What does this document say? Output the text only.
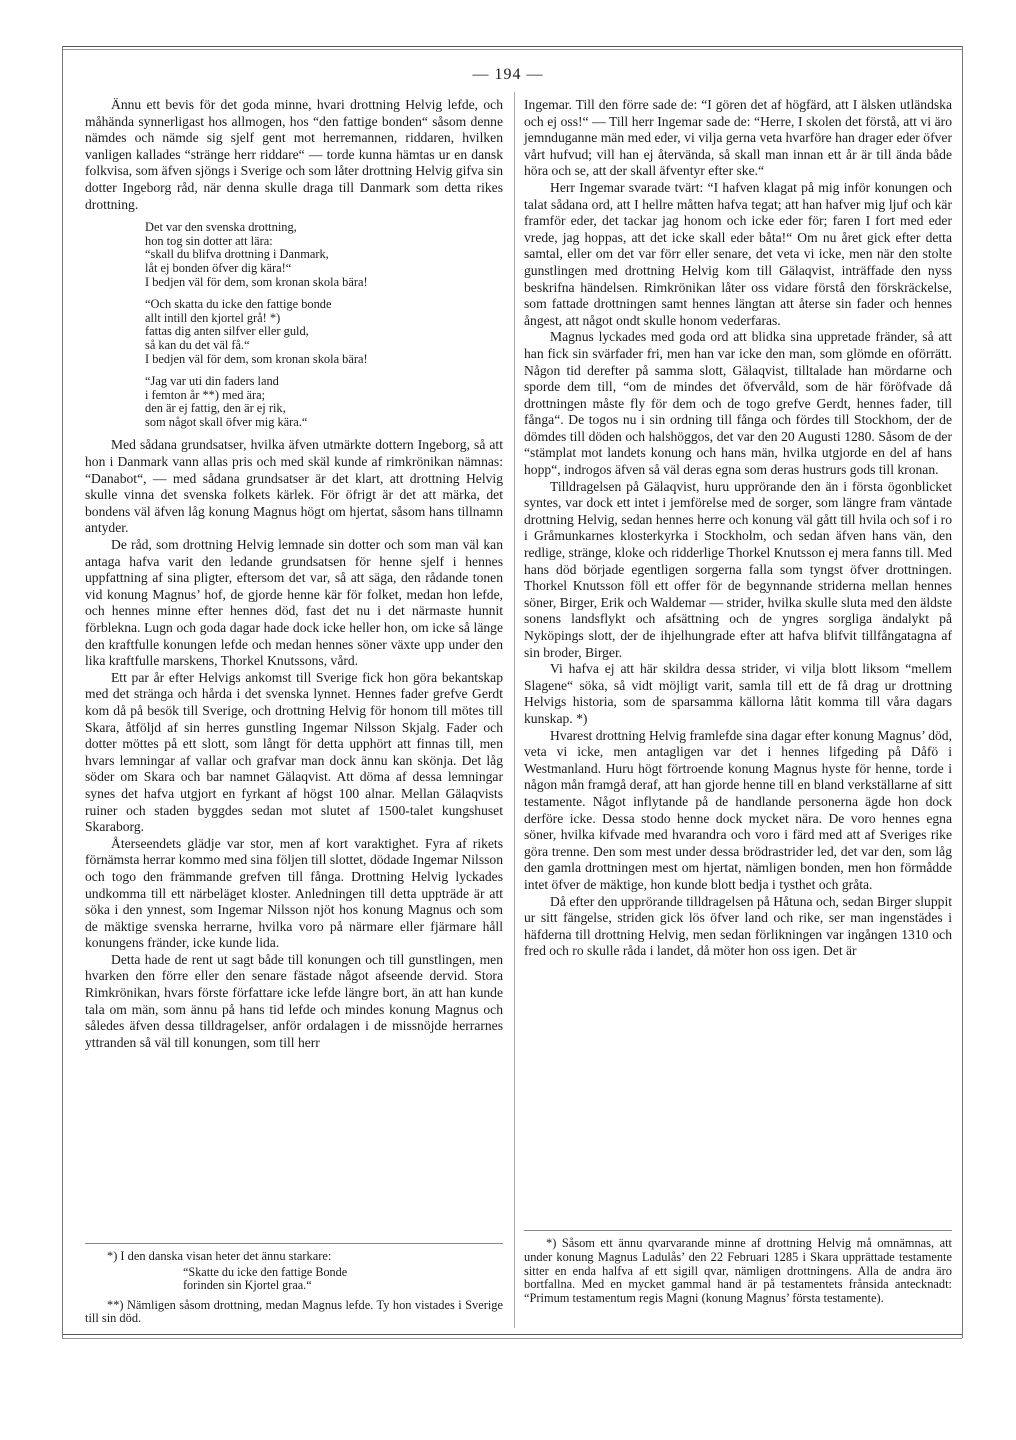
— 194 —

Ännu ett bevis för det goda minne, hvari drottning Helvig lefde, och måhända synnerligast hos allmogen, hos “den fattige bonden“ såsom denne nämdes och nämde sig sjelf gent mot herremannen, riddaren, hvilken vanligen kallades “stränge herr riddare“ — torde kunna hämtas ur en dansk folkvisa, som äfven sjöngs i Sverige och som låter drottning Helvig gifva sin dotter Ingeborg råd, när denna skulle draga till Danmark som detta rikes drottning.

Det var den svenska drottning,
hon tog sin dotter att lära:
“skall du blifva drottning i Danmark,
låt ej bonden öfver dig kära!“
I bedjen väl för dem, som kronan skola bära!
“Och skatta du icke den fattige bonde
allt intill den kjortel grå! *)
fattas dig anten silfver eller guld,
så kan du det väl få.“
I bedjen väl för dem, som kronan skola bära!
“Jag var uti din faders land
i femton år **) med ära;
den är ej fattig, den är ej rik,
som något skall öfver mig kära.“

Med sådana grundsatser, hvilka äfven utmärkte dottern Ingeborg, så att hon i Danmark vann allas pris och med skäl kunde af rimkrönikan nämnas: “Danabot“, — med sådana grundsatser är det klart, att drottning Helvig skulle vinna det svenska folkets kärlek. För öfrigt är det att märka, det bondens väl äfven låg konung Magnus högt om hjertat, såsom hans tillnamn antyder.

De råd, som drottning Helvig lemnade sin dotter och som man väl kan antaga hafva varit den ledande grundsatsen för henne sjelf i hennes uppfattning af sina pligter, eftersom det var, så att säga, den rådande tonen vid konung Magnus’ hof, de gjorde henne kär för folket, medan hon lefde, och hennes minne efter hennes död, fast det nu i det närmaste hunnit förblekna. Lugn och goda dagar hade dock icke heller hon, om icke så länge den kraftfulle konungen lefde och medan hennes söner växte upp under den lika kraftfulle marskens, Thorkel Knutssons, vård.

Ett par år efter Helvigs ankomst till Sverige fick hon göra bekantskap med det stränga och hårda i det svenska lynnet. Hennes fader grefve Gerdt kom då på besök till Sverige, och drottning Helvig för honom till mötes till Skara, åtföljd af sin herres gunstling Ingemar Nilsson Skjalg. Fader och dotter möttes på ett slott, som långt för detta upphört att finnas till, men hvars lemningar af vallar och grafvar man dock ännu kan skönja. Det låg söder om Skara och bar namnet Gälaqvist. Att döma af dessa lemningar synes det hafva utgjort en fyrkant af högst 100 alnar. Mellan Gälaqvists ruiner och staden byggdes sedan mot slutet af 1500-talet kungshuset Skaraborg.

Återseendets glädje var stor, men af kort varaktighet. Fyra af rikets förnämsta herrar kommo med sina följen till slottet, dödade Ingemar Nilsson och togo den främmande grefven till fånga. Drottning Helvig lyckades undkomma till ett närbeläget kloster. Anledningen till detta uppträde är att söka i den ynnest, som Ingemar Nilsson njöt hos konung Magnus och som de mäktige svenska herrarne, hvilka voro på närmare eller fjärmare håll konungens fränder, icke kunde lida.

Detta hade de rent ut sagt både till konungen och till gunstlingen, men hvarken den förre eller den senare fästade något afseende dervid. Stora Rimkrönikan, hvars förste författare icke lefde längre bort, än att han kunde tala om män, som ännu på hans tid lefde och mindes konung Magnus och således äfven dessa tilldragelser, anför ordalagen i de missnöjde herrarnes yttranden så väl till konungen, som till herr

Ingemar. Till den förre sade de: “I gören det af högfärd, att I älsken utländska och ej oss!“ — Till herr Ingemar sade de: “Herre, I skolen det förstå, att vi äro jemnduganne män med eder, vi vilja gerna veta hvarföre han drager eder öfver vårt hufvud; vill han ej återvända, så skall man innan ett år är till ända både höra och se, att der skall äfventyr efter ske.“

Herr Ingemar svarade tvärt: “I hafven klagat på mig inför konungen och talat sådana ord, att I hellre måtten hafva tegat; att han hafver mig ljuf och kär framför eder, det tackar jag honom och icke eder för; faren I fort med eder vrede, jag hoppas, att det icke skall eder båta!“ Om nu året gick efter detta samtal, eller om det var förr eller senare, det veta vi icke, men när den stolte gunstlingen med drottning Helvig kom till Gälaqvist, inträffade den nyss beskrifna händelsen. Rimkrönikan låter oss vidare förstå den förskräckelse, som fattade drottningen samt hennes längtan att återse sin fader och hennes ångest, att något ondt skulle honom vederfaras.

Magnus lyckades med goda ord att blidka sina uppretade fränder, så att han fick sin svärfader fri, men han var icke den man, som glömde en oförrätt. Någon tid derefter på samma slott, Gälaqvist, tilltalade han mördarne och sporde dem till, “om de mindes det öfvervåld, som de här föröfvade då drottningen måste fly för dem och de togo grefve Gerdt, hennes fader, till fånga“. De togos nu i sin ordning till fånga och fördes till Stockhom, der de dömdes till döden och halshöggos, det var den 20 Augusti 1280. Såsom de der “stämplat mot landets konung och hans män, hvilka utgjorde en del af hans hopp“, indrogos äfven så väl deras egna som deras hustrurs gods till kronan.

Tilldragelsen på Gälaqvist, huru upprörande den än i första ögonblicket syntes, var dock ett intet i jemförelse med de sorger, som längre fram väntade drottning Helvig, sedan hennes herre och konung väl gått till hvila och sof i ro i Gråmunkarnes klosterkyrka i Stockholm, och sedan äfven hans vän, den redlige, stränge, kloke och ridderlige Thorkel Knutsson ej mera fanns till. Med hans död började egentligen sorgerna falla som tyngst öfver drottningen. Thorkel Knutsson föll ett offer för de begynnande striderna mellan hennes söner, Birger, Erik och Waldemar — strider, hvilka skulle sluta med den äldste sonens landsflykt och afsättning och de yngres sorgliga ändalykt på Nyköpings slott, der de ihjelhungrade efter att hafva blifvit tillfångatagna af sin broder, Birger.

Vi hafva ej att här skildra dessa strider, vi vilja blott liksom “mellem Slagene“ söka, så vidt möjligt varit, samla till ett de få drag ur drottning Helvigs historia, som de sparsamma källorna låtit komma till våra dagars kunskap. *)

Hvarest drottning Helvig framlefde sina dagar efter konung Magnus’ död, veta vi icke, men antagligen var det i hennes lifgeding på Dåfö i Westmanland. Huru högt förtroende konung Magnus hyste för henne, torde i någon mån framgå deraf, att han gjorde henne till en bland verkställarne af sitt testamente. Något inflytande på de handlande personerna ägde hon dock derföre icke. Dessa stodo henne dock mycket nära. De voro hennes egna söner, hvilka kifvade med hvarandra och voro i färd med att af Sveriges rike göra trenne. Den som mest under dessa brödrastrider led, det var den, som låg den gamla drottningen mest om hjertat, nämligen bonden, men hon förmådde intet öfver de mäktige, hon kunde blott bedja i tysthet och gråta.

Då efter den upprörande tilldragelsen på Håtuna och, sedan Birger sluppit ur sitt fängelse, striden gick lös öfver land och rike, ser man ingenstädes i häfderna till drottning Helvig, men sedan förlikningen var ingången 1310 och fred och ro skulle råda i landet, då möter hon oss igen. Det är

*) I den danska visan heter det ännu starkare:

“Skatte du icke den fattige Bonde
forinden sin Kjortel graa.“

**) Nämligen såsom drottning, medan Magnus lefde. Ty hon vistades i Sverige till sin död.

*) Såsom ett ännu qvarvarande minne af drottning Helvig må omnämnas, att under konung Magnus Ladulås’ den 22 Februari 1285 i Skara upprättade testamente sitter en enda halfva af ett sigill qvar, nämligen drottningens. Alla de andra äro bortfallna. Med en mycket gammal hand är på testamentets frånsida antecknadt: “Primum testamentum regis Magni (konung Magnus’ första testamente).
